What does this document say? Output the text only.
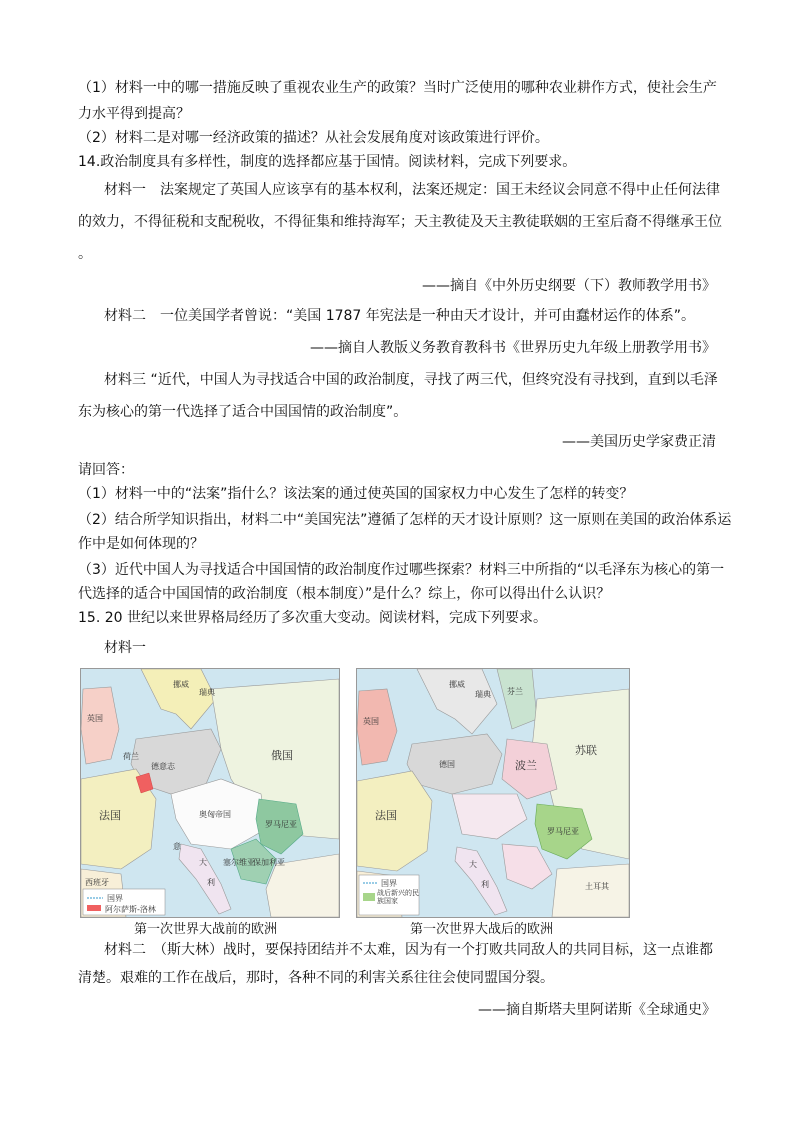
（1）材料一中的哪一措施反映了重视农业生产的政策？当时广泛使用的哪种农业耕作方式，使社会生产
力水平得到提高？
（2）材料二是对哪一经济政策的描述？从社会发展角度对该政策进行评价。
14.政治制度具有多样性，制度的选择都应基于国情。阅读材料，完成下列要求。
材料一　法案规定了英国人应该享有的基本权利，法案还规定：国王未经议会同意不得中止任何法律
的效力，不得征税和支配税收，不得征集和维持海军；天主教徒及天主教徒联姻的王室后裔不得继承王位
。
——摘自《中外历史纲要（下）教师教学用书》
材料二　一位美国学者曾说：“美国 1787 年宪法是一种由天才设计，并可由蠢材运作的体系”。
——摘自人教版义务教育教科书《世界历史九年级上册教学用书》
材料三 “近代，中国人为寻找适合中国的政治制度，寻找了两三代，但终究没有寻找到，直到以毛泽
东为核心的第一代选择了适合中国国情的政治制度”。
——美国历史学家费正清
请回答：
（1）材料一中的“法案”指什么？该法案的通过使英国的国家权力中心发生了怎样的转变？
（2）结合所学知识指出，材料二中“美国宪法”遵循了怎样的天才设计原则？这一原则在美国的政治体系运
作中是如何体现的？
（3）近代中国人为寻找适合中国国情的政治制度作过哪些探索？材料三中所指的“以毛泽东为核心的第一
代选择的适合中国国情的政治制度（根本制度）”是什么？综上，你可以得出什么认识？
15. 20 世纪以来世界格局经历了多次重大变动。阅读材料，完成下列要求。
材料一
挪威
瑞典
英国
荷兰
德意志
俄国
法国	奥匈帝国
罗马尼亚
意
保加利亚
西班牙
大
利
塞尔维亚
国界
阿尔萨斯-洛林
挪威
瑞典 芬兰
英国
德国	波兰
苏联
法国
罗马尼亚
大
利	土耳其
国界
战后新兴的民族国家
第一次世界大战前的欧洲	第一次世界大战后的欧洲
材料二　（斯大林）战时，要保持团结并不太难，因为有一个打败共同敌人的共同目标，这一点谁都
清楚。艰难的工作在战后，那时，各种不同的利害关系往往会使同盟国分裂。
——摘自斯塔夫里阿诺斯《全球通史》
